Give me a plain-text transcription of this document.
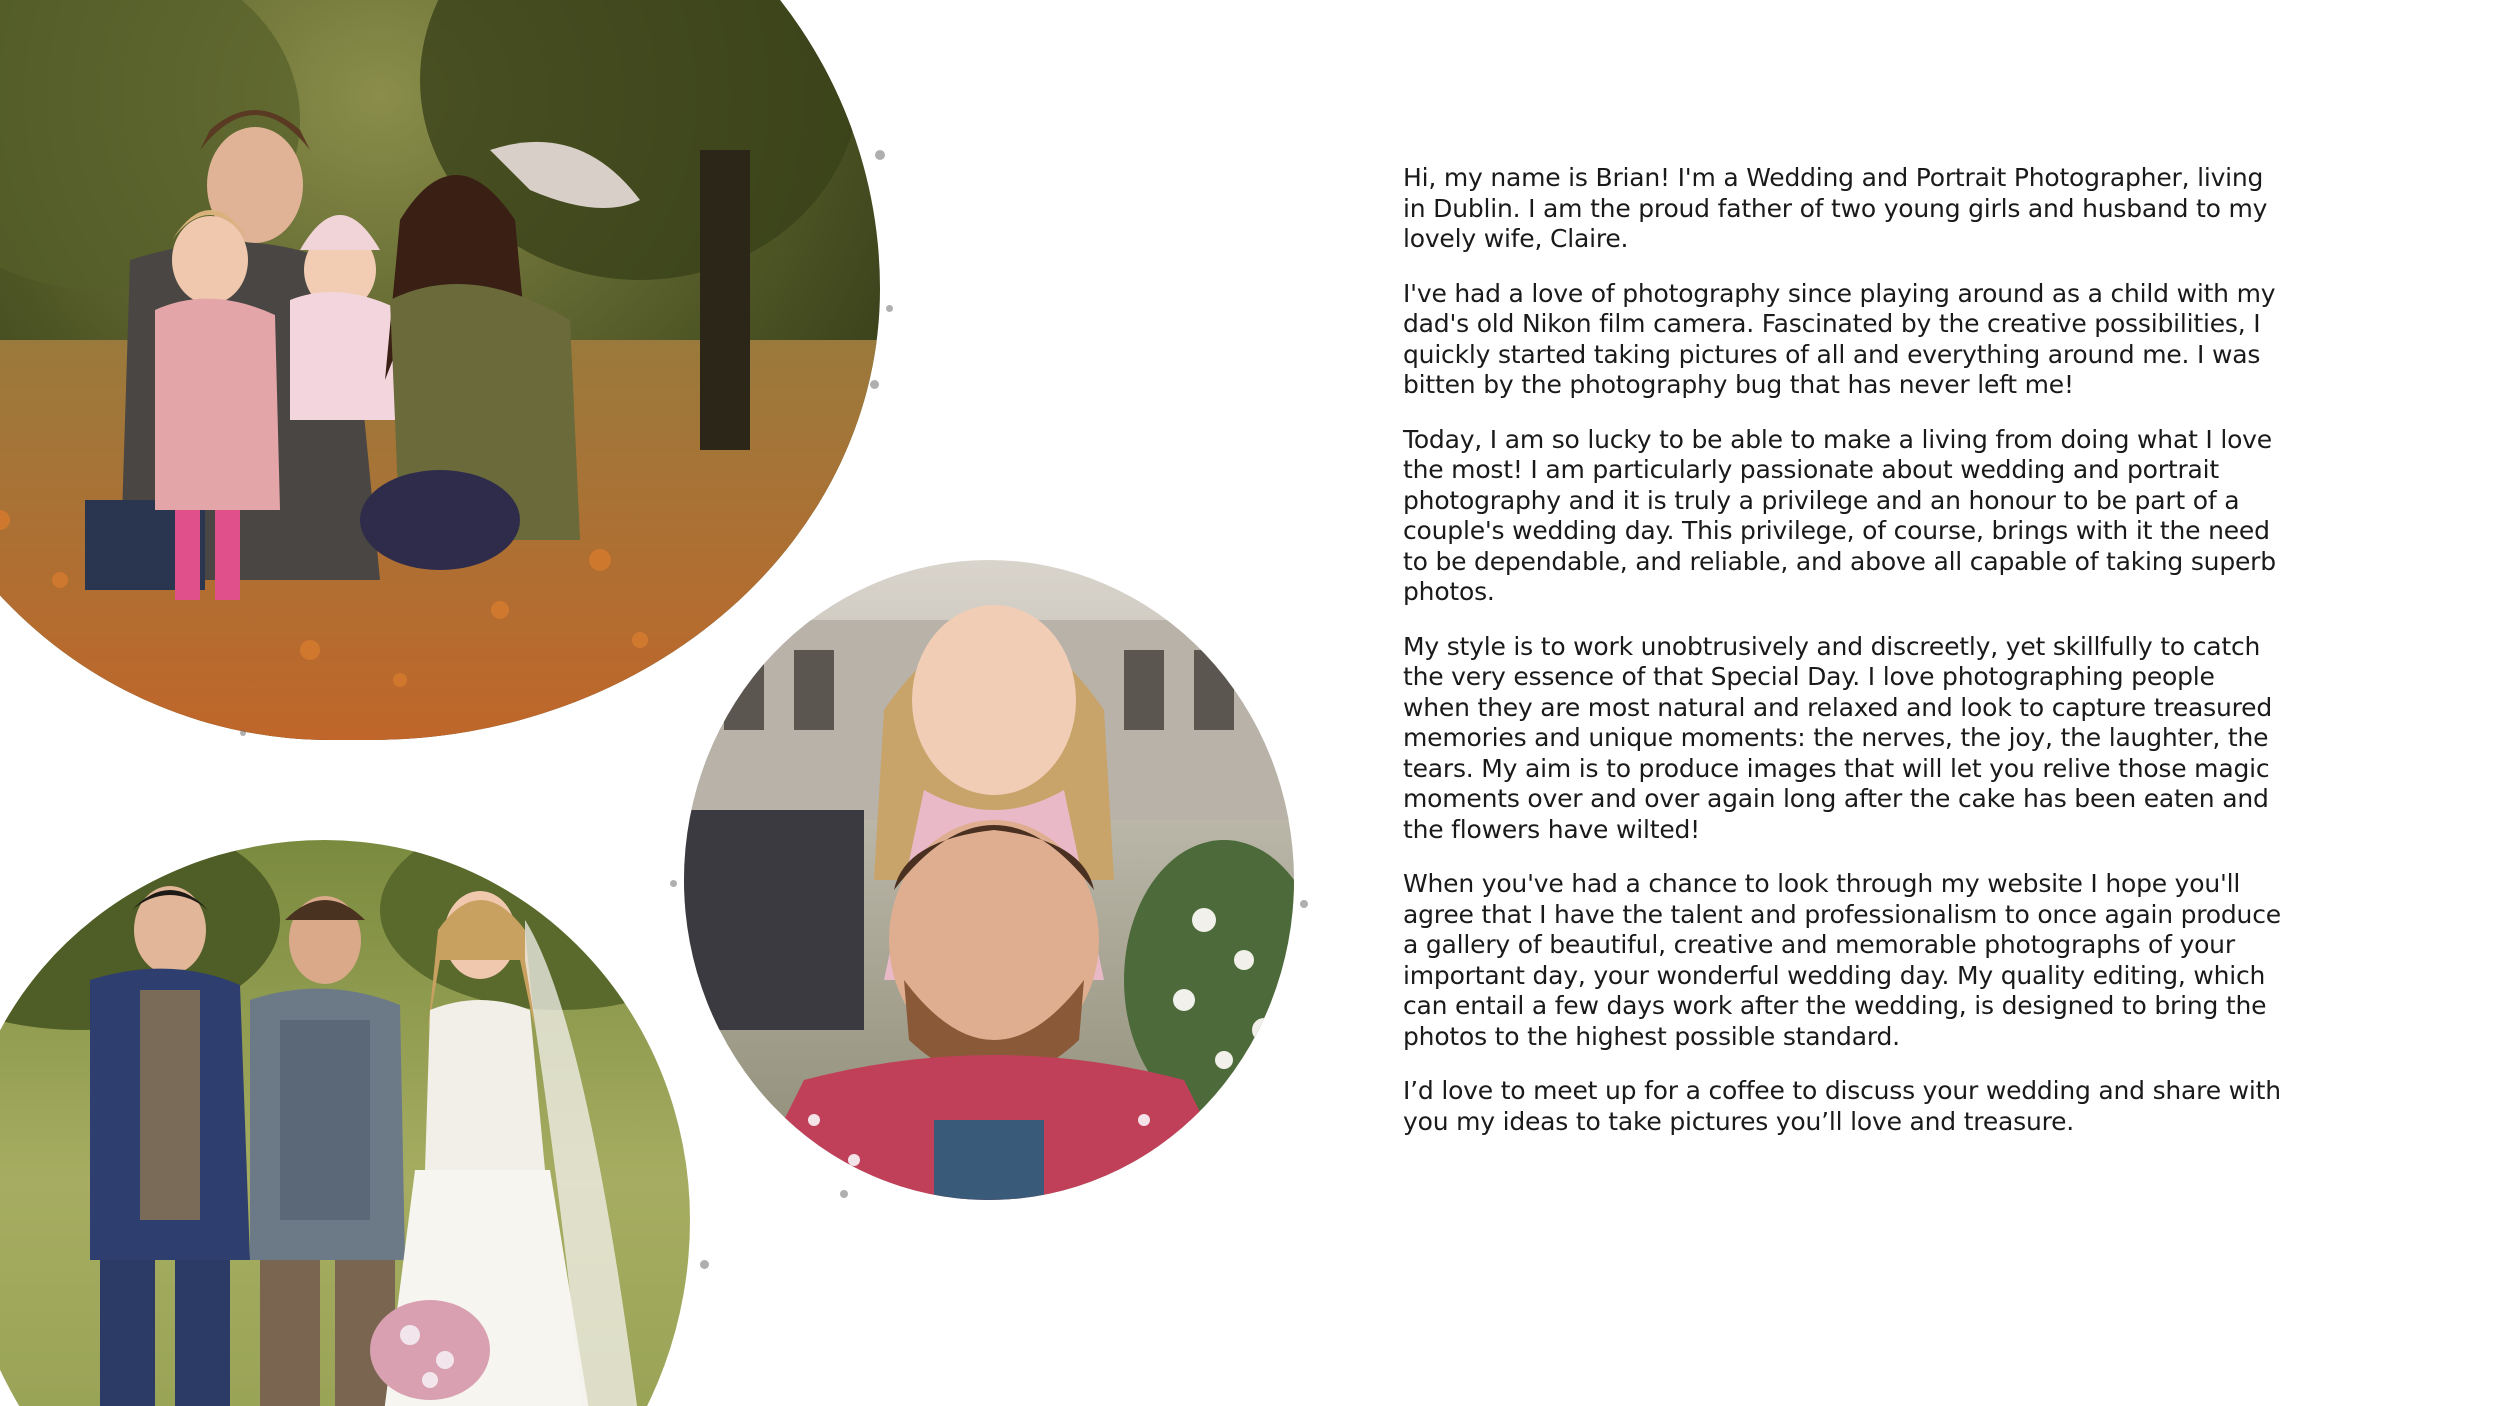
Hi, my name is Brian! I'm a Wedding and Portrait Photographer, living in Dublin. I am the proud father of two young girls and husband to my lovely wife, Claire.

I've had a love of photography since playing around as a child with my dad's old Nikon film camera. Fascinated by the creative possibilities, I quickly started taking pictures of all and everything around me. I was bitten by the photography bug that has never left me!

Today, I am so lucky to be able to make a living from doing what I love the most! I am particularly passionate about wedding and portrait photography and it is truly a privilege and an honour to be part of a couple's wedding day. This privilege, of course, brings with it the need to be dependable, and reliable, and above all capable of taking superb photos.

My style is to work unobtrusively and discreetly, yet skillfully to catch the very essence of that Special Day. I love photographing people when they are most natural and relaxed and look to capture treasured memories and unique moments: the nerves, the joy, the laughter, the tears. My aim is to produce images that will let you relive those magic moments over and over again long after the cake has been eaten and the flowers have wilted!

When you've had a chance to look through my website I hope you'll agree that I have the talent and professionalism to once again produce a gallery of beautiful, creative and memorable photographs of your important day, your wonderful wedding day. My quality editing, which can entail a few days work after the wedding, is designed to bring the photos to the highest possible standard.

I’d love to meet up for a coffee to discuss your wedding and share with you my ideas to take pictures you’ll love and treasure.
